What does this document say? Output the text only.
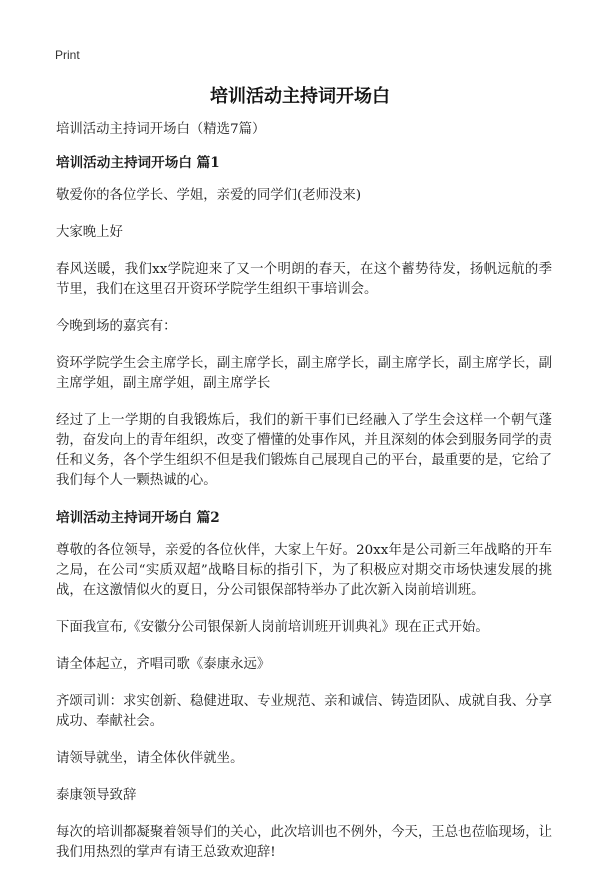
Print
培训活动主持词开场白

培训活动主持词开场白（精选7篇）

培训活动主持词开场白 篇1

敬爱你的各位学长、学姐，亲爱的同学们(老师没来)

大家晚上好

春风送暖，我们xx学院迎来了又一个明朗的春天，在这个蓄势待发，扬帆远航的季节里，我们在这里召开资环学院学生组织干事培训会。

今晚到场的嘉宾有：

资环学院学生会主席学长，副主席学长，副主席学长，副主席学长，副主席学长，副主席学姐，副主席学姐，副主席学长

经过了上一学期的自我锻炼后，我们的新干事们已经融入了学生会这样一个朝气蓬勃，奋发向上的青年组织，改变了懵懂的处事作风，并且深刻的体会到服务同学的责任和义务，各个学生组织不但是我们锻炼自己展现自己的平台，最重要的是，它给了我们每个人一颗热诚的心。

培训活动主持词开场白 篇2

尊敬的各位领导，亲爱的各位伙伴，大家上午好。20xx年是公司新三年战略的开车之局，在公司“实质双超”战略目标的指引下，为了积极应对期交市场快速发展的挑战，在这激情似火的夏日，分公司银保部特举办了此次新入岗前培训班。

下面我宣布,《安徽分公司银保新人岗前培训班开训典礼》现在正式开始。

请全体起立，齐唱司歌《泰康永远》

齐颂司训：求实创新、稳健进取、专业规范、亲和诚信、铸造团队、成就自我、分享成功、奉献社会。

请领导就坐，请全体伙伴就坐。

泰康领导致辞

每次的培训都凝聚着领导们的关心，此次培训也不例外，今天，王总也莅临现场，让我们用热烈的掌声有请王总致欢迎辞!
